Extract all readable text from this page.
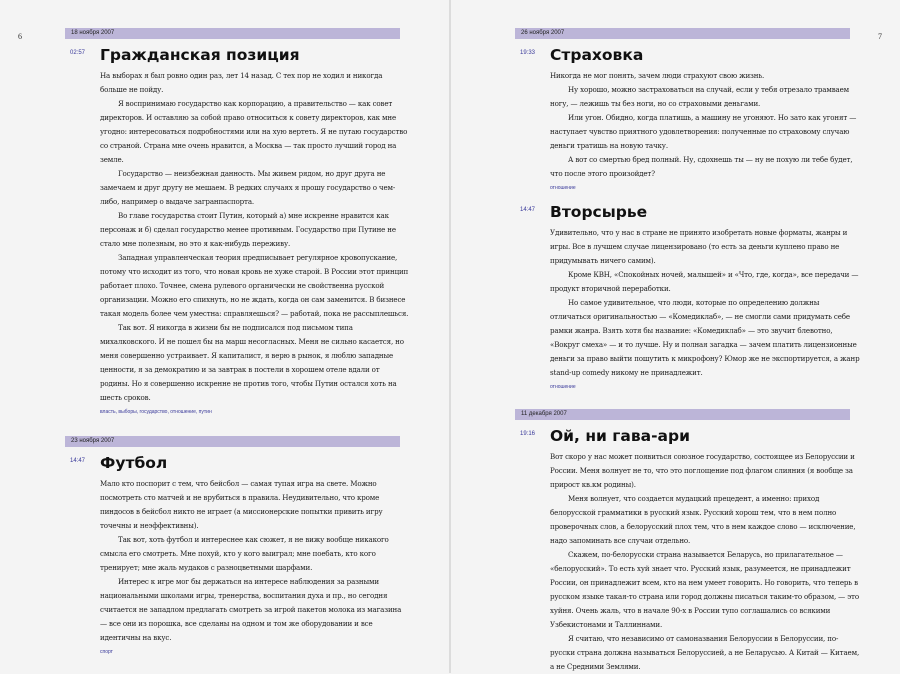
6	18 ноября 2007
02:57 Гражданская позиция

На выборах я был ровно один раз, лет 14 назад. С тех пор не ходил и никогда больше не пойду.

Я воспринимаю государство как корпорацию, а правительство — как совет директоров. И оставляю за собой право относиться к совету директоров, как мне угодно: интересоваться подробностями или на хую вертеть. Я не путаю государство со страной. Страна мне очень нравится, а Москва — так просто лучший город на земле.

Государство — неизбежная данность. Мы живем рядом, но друг друга не замечаем и друг другу не мешаем. В редких случаях я прошу государство о чем-либо, например о выдаче загранпаспорта.

Во главе государства стоит Путин, который а) мне искренне нравится как персонаж и б) сделал государство менее противным. Государство при Путине не стало мне полезным, но это я как-нибудь переживу.

Западная управленческая теория предписывает регулярное кровопускание, потому что исходит из того, что новая кровь не хуже старой. В России этот принцип работает плохо. Точнее, смена рулевого органически не свойственна русской организации. Можно его спихнуть, но не ждать, когда он сам заменится. В бизнесе такая модель более чем уместна: справляешься? — работай, пока не рассыплешься.

Так вот. Я никогда в жизни бы не подписался под письмом типа михалковского. И не пошел бы на марш несогласных. Меня не сильно касается, но меня совершенно устраивает. Я капиталист, я верю в рынок, я люблю западные ценности, я за демократию и за завтрак в постели в хорошем отеле вдали от родины. Но я совершенно искренне не против того, чтобы Путин остался хоть на шесть сроков.

власть, выборы, государство, отношение, путин
23 ноября 2007
14:47 Футбол

Мало кто поспорит с тем, что бейсбол — самая тупая игра на свете. Можно посмотреть сто матчей и не врубиться в правила. Неудивительно, что кроме пиндосов в бейсбол никто не играет (а миссионерские попытки привить игру точечны и неэффективны).

Так вот, хоть футбол и интереснее как сюжет, я не вижу вообще никакого смысла его смотреть. Мне похуй, кто у кого выиграл; мне поебать, кто кого тренирует; мне жаль мудаков с разноцветными шарфами.

Интерес к игре мог бы держаться на интересе наблюдения за разными национальными школами игры, тренерства, воспитания духа и пр., но сегодня считается не западлом предлагать смотреть за игрой пакетов молока из магазина — все они из порошка, все сделаны на одном и том же оборудовании и все идентичны на вкус.

спорт
7
26 ноября 2007
19:33 Страховка

Никогда не мог понять, зачем люди страхуют свою жизнь.

Ну хорошо, можно застраховаться на случай, если у тебя отрезало трамваем ногу, — лежишь ты без ноги, но со страховыми деньгами.

Или угон. Обидно, когда платишь, а машину не угоняют. Но зато как угонят — наступает чувство приятного удовлетворения: полученные по страховому случаю деньги тратишь на новую тачку.

А вот со смертью бред полный. Ну, сдохнешь ты — ну не похую ли тебе будет, что после этого произойдет?

отношение
14:47 Вторсырье

Удивительно, что у нас в стране не принято изобретать новые форматы, жанры и игры. Все в лучшем случае лицензировано (то есть за деньги куплено право не придумывать ничего самим).

Кроме КВН, «Спокойных ночей, малышей» и «Что, где, когда», все передачи — продукт вторичной переработки.

Но самое удивительное, что люди, которые по определению должны отличаться оригинальностью — «Комедиклаб», — не смогли сами придумать себе рамки жанра. Взять хотя бы название: «Комедиклаб» — это звучит блевотно, «Вокруг смеха» — и то лучше. Ну и полная загадка — зачем платить лицензионные деньги за право выйти пошутить к микрофону? Юмор же не экспортируется, а жанр stand-up comedy никому не принадлежит.

отношение
11 декабря 2007
19:16 Ой, ни гава-ари

Вот скоро у нас может появиться союзное государство, состоящее из Белоруссии и России. Меня волнует не то, что это поглощение под флагом слияния (я вообще за прирост кв.км родины).

Меня волнует, что создается мудацкий прецедент, а именно: приход белорусской грамматики в русский язык. Русский хорош тем, что в нем полно проверочных слов, а белорусский плох тем, что в нем каждое слово — исключение, надо запоминать все случаи отдельно.

Скажем, по-белорусски страна называется Беларусь, но прилагательное — «белорусский». То есть хуй знает что. Русский язык, разумеется, не принадлежит России, он принадлежит всем, кто на нем умеет говорить. Но говорить, что теперь в русском языке такая-то страна или город должны писаться таким-то образом, — это хуйня. Очень жаль, что в начале 90-х в России тупо соглашались со всякими Узбекистонами и Таллиннами.

Я считаю, что независимо от самоназвания Белоруссии в Белоруссии, по-русски страна должна называться Белоруссией, а не Беларусью. А Китай — Китаем, а не Средними Землями.
